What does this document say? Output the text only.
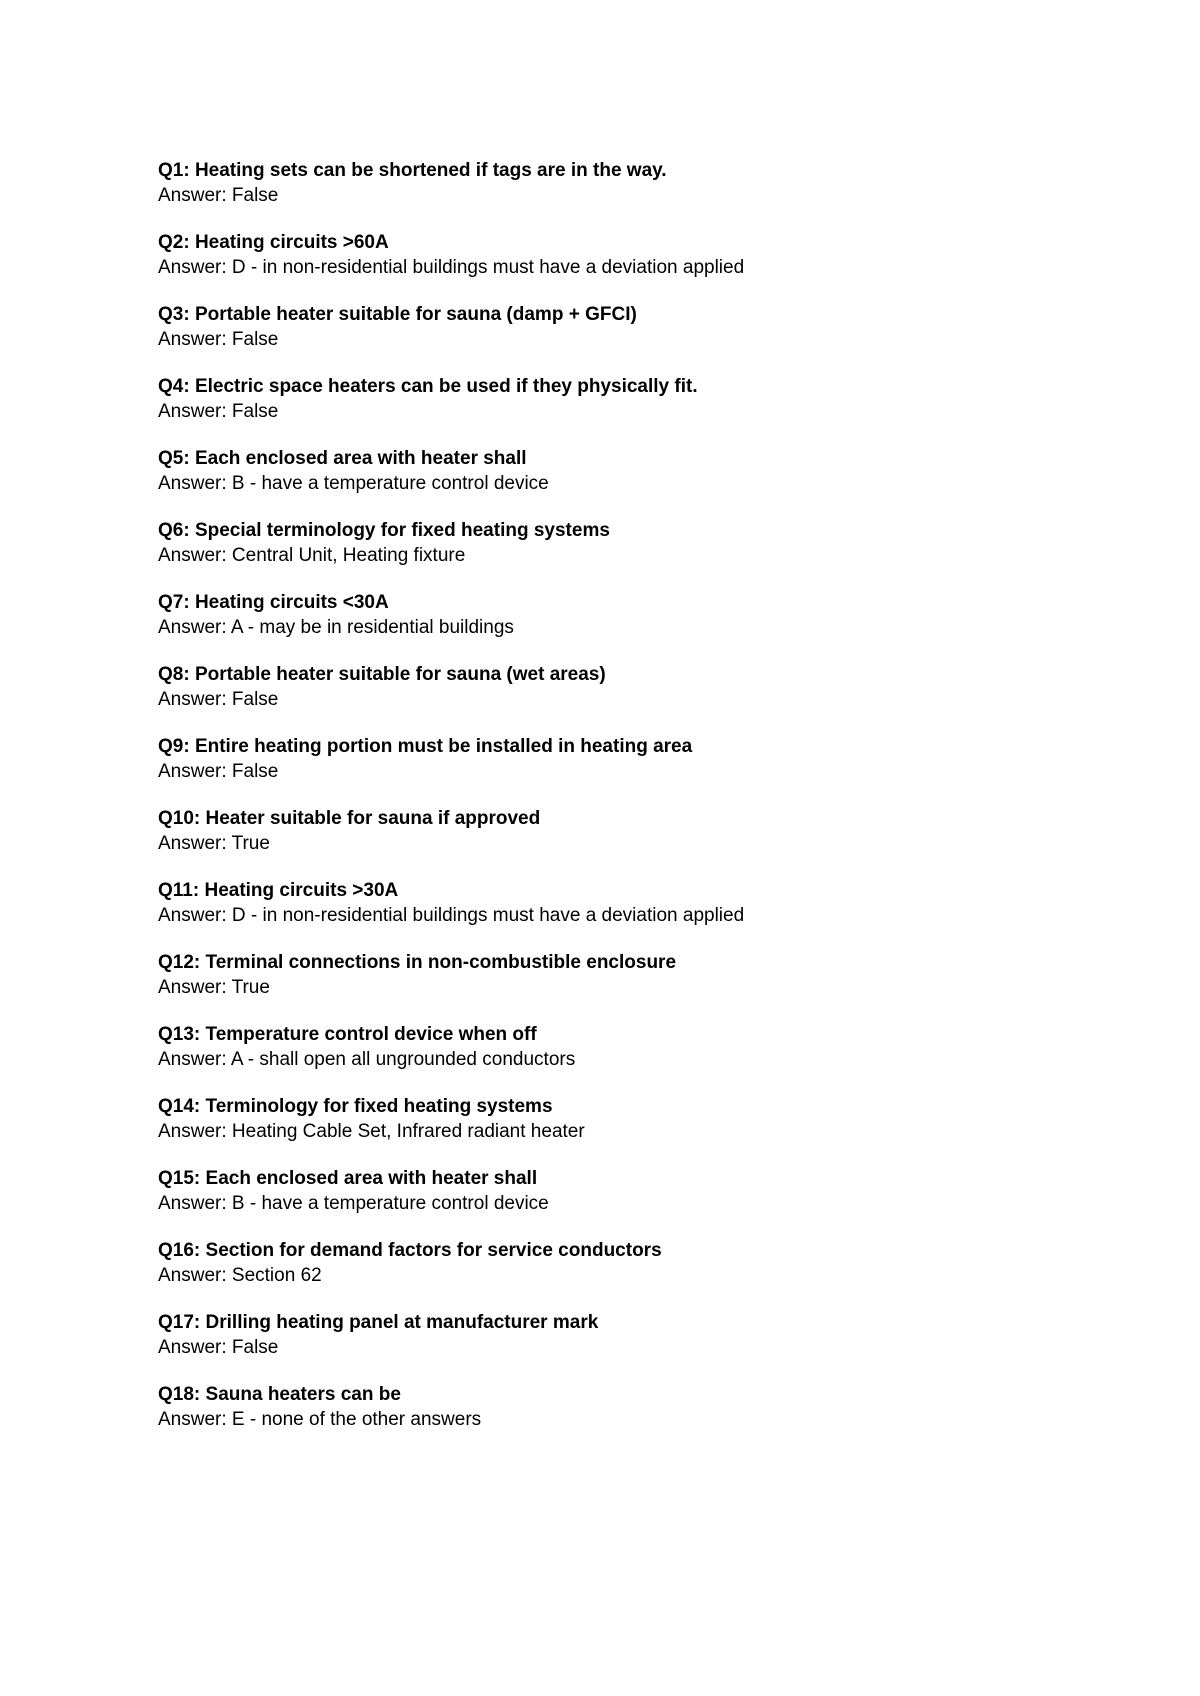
Q1: Heating sets can be shortened if tags are in the way.
Answer: False
Q2: Heating circuits >60A
Answer: D - in non-residential buildings must have a deviation applied
Q3: Portable heater suitable for sauna (damp + GFCI)
Answer: False
Q4: Electric space heaters can be used if they physically fit.
Answer: False
Q5: Each enclosed area with heater shall
Answer: B - have a temperature control device
Q6: Special terminology for fixed heating systems
Answer: Central Unit, Heating fixture
Q7: Heating circuits <30A
Answer: A - may be in residential buildings
Q8: Portable heater suitable for sauna (wet areas)
Answer: False
Q9: Entire heating portion must be installed in heating area
Answer: False
Q10: Heater suitable for sauna if approved
Answer: True
Q11: Heating circuits >30A
Answer: D - in non-residential buildings must have a deviation applied
Q12: Terminal connections in non-combustible enclosure
Answer: True
Q13: Temperature control device when off
Answer: A - shall open all ungrounded conductors
Q14: Terminology for fixed heating systems
Answer: Heating Cable Set, Infrared radiant heater
Q15: Each enclosed area with heater shall
Answer: B - have a temperature control device
Q16: Section for demand factors for service conductors
Answer: Section 62
Q17: Drilling heating panel at manufacturer mark
Answer: False
Q18: Sauna heaters can be
Answer: E - none of the other answers
